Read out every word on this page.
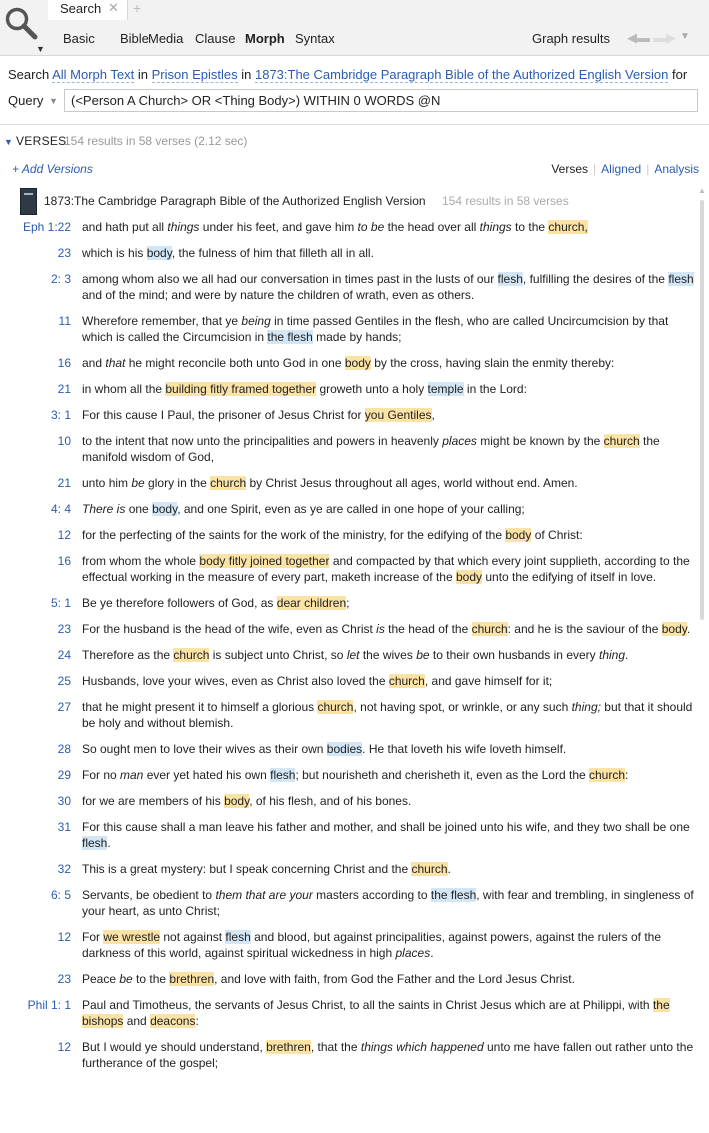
▼
Search ✕ +
Basic Bible Media Clause Morph Syntax	Graph results ◀▬ ▬▶ ▼
Search All Morph Text in Prison Epistles in 1873:The Cambridge Paragraph Bible of the Authorized English Version for
Query ▼
(<Person A Church> OR <Thing Body>) WITHIN 0 WORDS @N
▼ VERSES
154 results in 58 verses (2.12 sec)
+ Add Versions	Verses | Aligned | Analysis
1873:The Cambridge Paragraph Bible of the Authorized English Version 154 results in 58 verses
▲
Eph 1:22 and hath put all things under his feet, and gave him to be the head over all things to the church,
23 which is his body, the fulness of him that filleth all in all.
2: 3 among whom also we all had our conversation in times past in the lusts of our flesh, fulfilling the desires of the flesh and of the mind; and were by nature the children of wrath, even as others.
11 Wherefore remember, that ye being in time passed Gentiles in the flesh, who are called Uncircumcision by that which is called the Circumcision in the flesh made by hands;
16 and that he might reconcile both unto God in one body by the cross, having slain the enmity thereby:
21 in whom all the building fitly framed together groweth unto a holy temple in the Lord:
3: 1 For this cause I Paul, the prisoner of Jesus Christ for you Gentiles,
10 to the intent that now unto the principalities and powers in heavenly places might be known by the church the manifold wisdom of God,
21 unto him be glory in the church by Christ Jesus throughout all ages, world without end. Amen.
4: 4 There is one body, and one Spirit, even as ye are called in one hope of your calling;
12 for the perfecting of the saints for the work of the ministry, for the edifying of the body of Christ:
16 from whom the whole body fitly joined together and compacted by that which every joint supplieth, according to the effectual working in the measure of every part, maketh increase of the body unto the edifying of itself in love.
5: 1 Be ye therefore followers of God, as dear children;
23 For the husband is the head of the wife, even as Christ is the head of the church: and he is the saviour of the body.
24 Therefore as the church is subject unto Christ, so let the wives be to their own husbands in every thing.
25 Husbands, love your wives, even as Christ also loved the church, and gave himself for it;
27 that he might present it to himself a glorious church, not having spot, or wrinkle, or any such thing; but that it should be holy and without blemish.
28 So ought men to love their wives as their own bodies. He that loveth his wife loveth himself.
29 For no man ever yet hated his own flesh; but nourisheth and cherisheth it, even as the Lord the church:
30 for we are members of his body, of his flesh, and of his bones.
31 For this cause shall a man leave his father and mother, and shall be joined unto his wife, and they two shall be one flesh.
32 This is a great mystery: but I speak concerning Christ and the church.
6: 5 Servants, be obedient to them that are your masters according to the flesh, with fear and trembling, in singleness of your heart, as unto Christ;
12 For we wrestle not against flesh and blood, but against principalities, against powers, against the rulers of the darkness of this world, against spiritual wickedness in high places.
23 Peace be to the brethren, and love with faith, from God the Father and the Lord Jesus Christ.
Phil 1: 1 Paul and Timotheus, the servants of Jesus Christ, to all the saints in Christ Jesus which are at Philippi, with the bishops and deacons:
12 But I would ye should understand, brethren, that the things which happened unto me have fallen out rather unto the furtherance of the gospel;
